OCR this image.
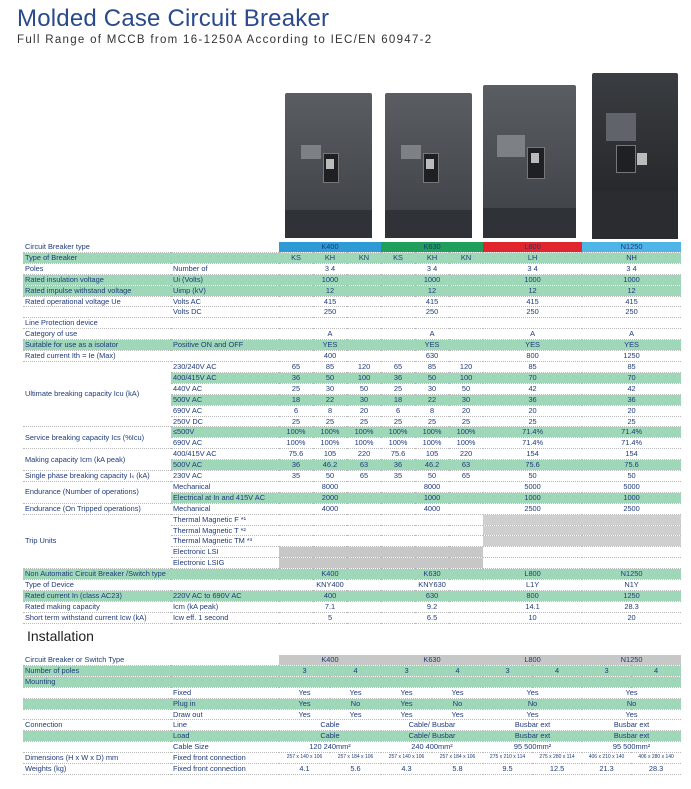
Molded Case Circuit Breaker
Full Range of MCCB from 16-1250A According to IEC/EN 60947-2
Circuit Breaker type		K400			K630			L800	N1250
Type of Breaker		KS	KH	KN	KS	KH	KN	LH	NH
Poles	Number of	3 4			3 4			3 4	3 4
Rated insulation voltage	Ui (Volts)	1000			1000			1000	1000
Rated impulse withstand voltage	Uimp (kV)	12			12			12	12
Rated operational voltage Ue	Volts AC	415			415			415	415
	Volts DC	250			250			250	250
Line Protection device									
Category of use		A			A			A	A
Suitable for use as a isolator	Positive ON and OFF	YES			YES			YES	YES
Rated current Ith = Ie (Max)		400			630			800	1250
Ultimate breaking capacity Icu (kA)	230/240V AC	65	85	120	65	85	120	85	85
	400/415V AC	36	50	100	36	50	100	70	70
	440V AC	25	30	50	25	30	50	42	42
	500V AC	18	22	30	18	22	30	36	36
	690V AC	6	8	20	6	8	20	20	20
	250V DC	25	25	25	25	25	25	25	25
Service breaking capacity Ics (%Icu)	≤500V	100%	100%	100%	100%	100%	100%	71.4%	71.4%
	690V AC	100%	100%	100%	100%	100%	100%	71.4%	71.4%
Making capacity Icm (kA peak)	400/415V AC	75.6	105	220	75.6	105	220	154	154
	500V AC	36	46.2	63	36	46.2	63	75.6	75.6
Single phase breaking capacity Iₛ (kA)	230V AC	35	50	65	35	50	65	50	50
Endurance (Number of operations)	Mechanical	8000			8000			5000	5000
	Electrical at In and 415V AC	2000			1000			1000	1000
Endurance (On Tripped operations)	Mechanical	4000			4000			2500	2500
Trip Units	Thermal Magnetic F *¹								
	Thermal Magnetic T *²								
	Thermal Magnetic TM *³								
	Electronic LSI								
	Electronic LSIG								
Non Automatic Circuit Breaker /Switch type		K400			K630			L800	N1250
Type of Device		KNY400			KNY630			L1Y	N1Y
Rated current In (class AC23)	220V AC to 690V AC	400			630			800	1250
Rated making capacity	Icm (kA peak)	7.1			9.2			14.1	28.3
Short term withstand current Icw (kA)	Icw eff. 1 second	5			6.5			10	20
Installation
Circuit Breaker or Switch Type		K400		K630		L800		N1250	
Number of poles		3	4	3	4	3	4	3	4
Mounting									
	Fixed	Yes	Yes	Yes	Yes	Yes		Yes	
	Plug in	Yes	No	Yes	No	No		No	
	Draw out	Yes	Yes	Yes	Yes	Yes		Yes	
Connection	Line	Cable		Cable/ Busbar		Busbar ext		Busbar ext	
	Load	Cable		Cable/ Busbar		Busbar ext		Busbar ext	
	Cable Size	120 240mm²		240 400mm²		95 500mm²		95 500mm²	
Dimensions (H x W x D) mm	Fixed front connection	257 x 140 x 106	257 x 184 x 106	257 x 140 x 106	257 x 184 x 106	275 x 210 x 114	275 x 280 x 114	406 x 210 x 140	406 x 280 x 140
Weights (kg)	Fixed front connection	4.1	5.6	4.3	5.8	9.5	12.5	21.3	28.3
